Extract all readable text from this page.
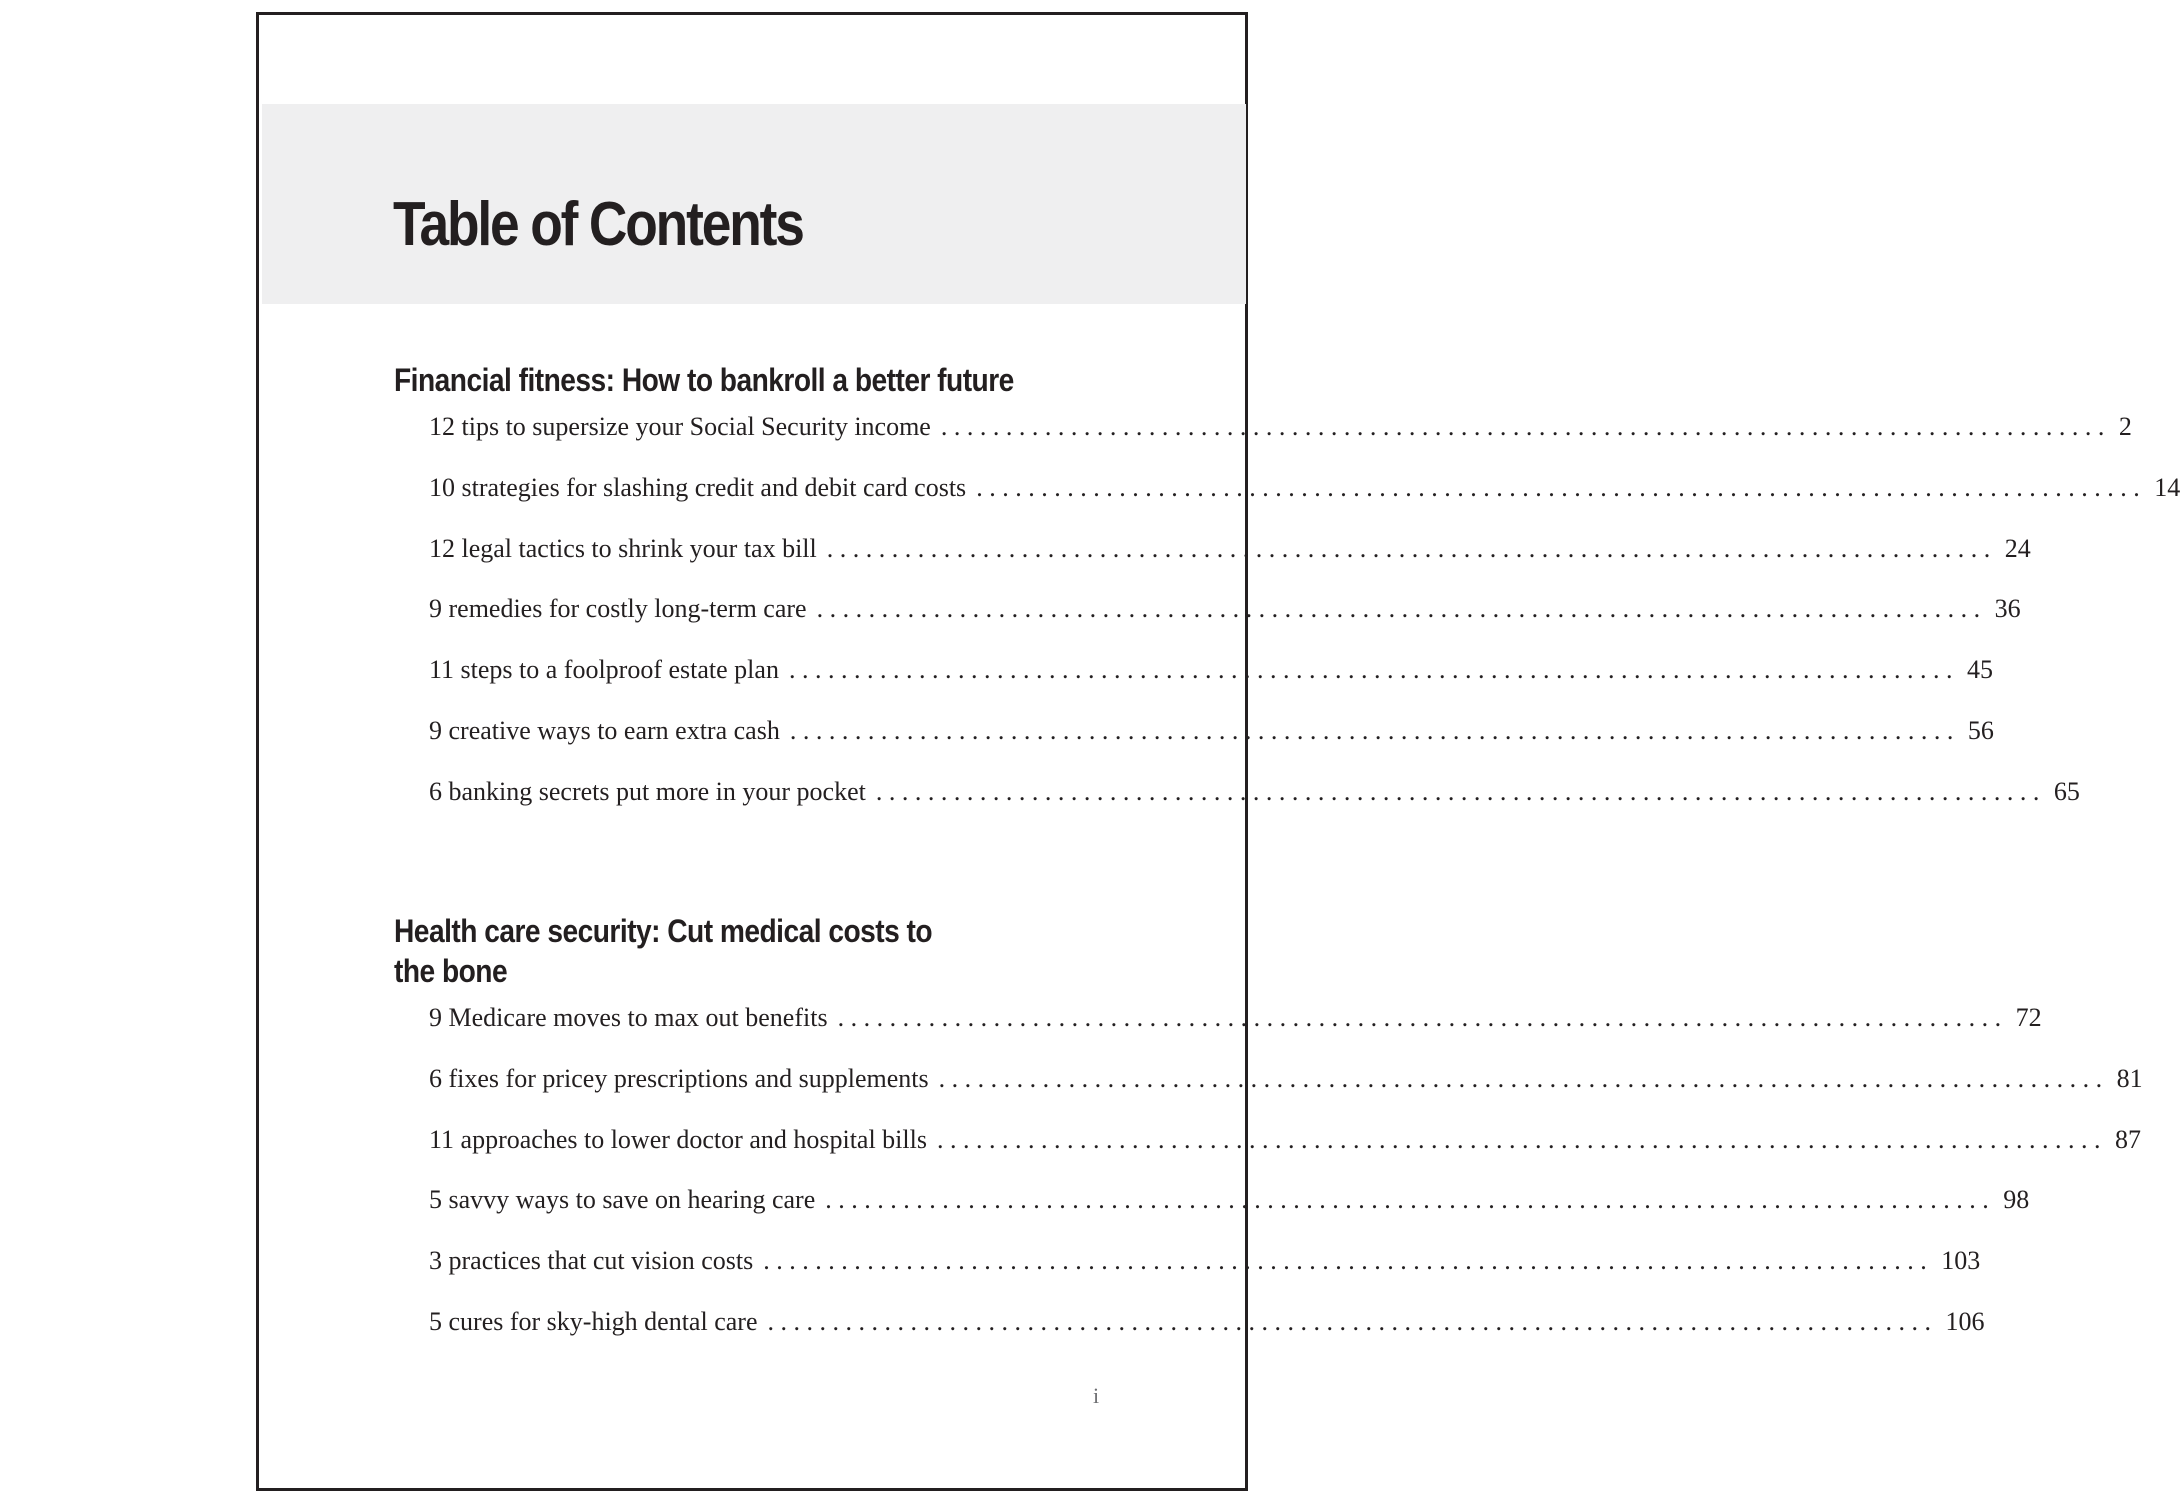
Table of Contents
Financial fitness: How to bankroll a better future
12 tips to supersize your Social Security income .......................................................................................... 2
10 strategies for slashing credit and debit card costs .......................................................................................... 14
12 legal tactics to shrink your tax bill .......................................................................................... 24
9 remedies for costly long-term care .......................................................................................... 36
11 steps to a foolproof estate plan .......................................................................................... 45
9 creative ways to earn extra cash .......................................................................................... 56
6 banking secrets put more in your pocket .......................................................................................... 65
Health care security: Cut medical costs to
the bone
9 Medicare moves to max out benefits .......................................................................................... 72
6 fixes for pricey prescriptions and supplements .......................................................................................... 81
11 approaches to lower doctor and hospital bills .......................................................................................... 87
5 savvy ways to save on hearing care .......................................................................................... 98
3 practices that cut vision costs .......................................................................................... 103
5 cures for sky-high dental care .......................................................................................... 106
i
